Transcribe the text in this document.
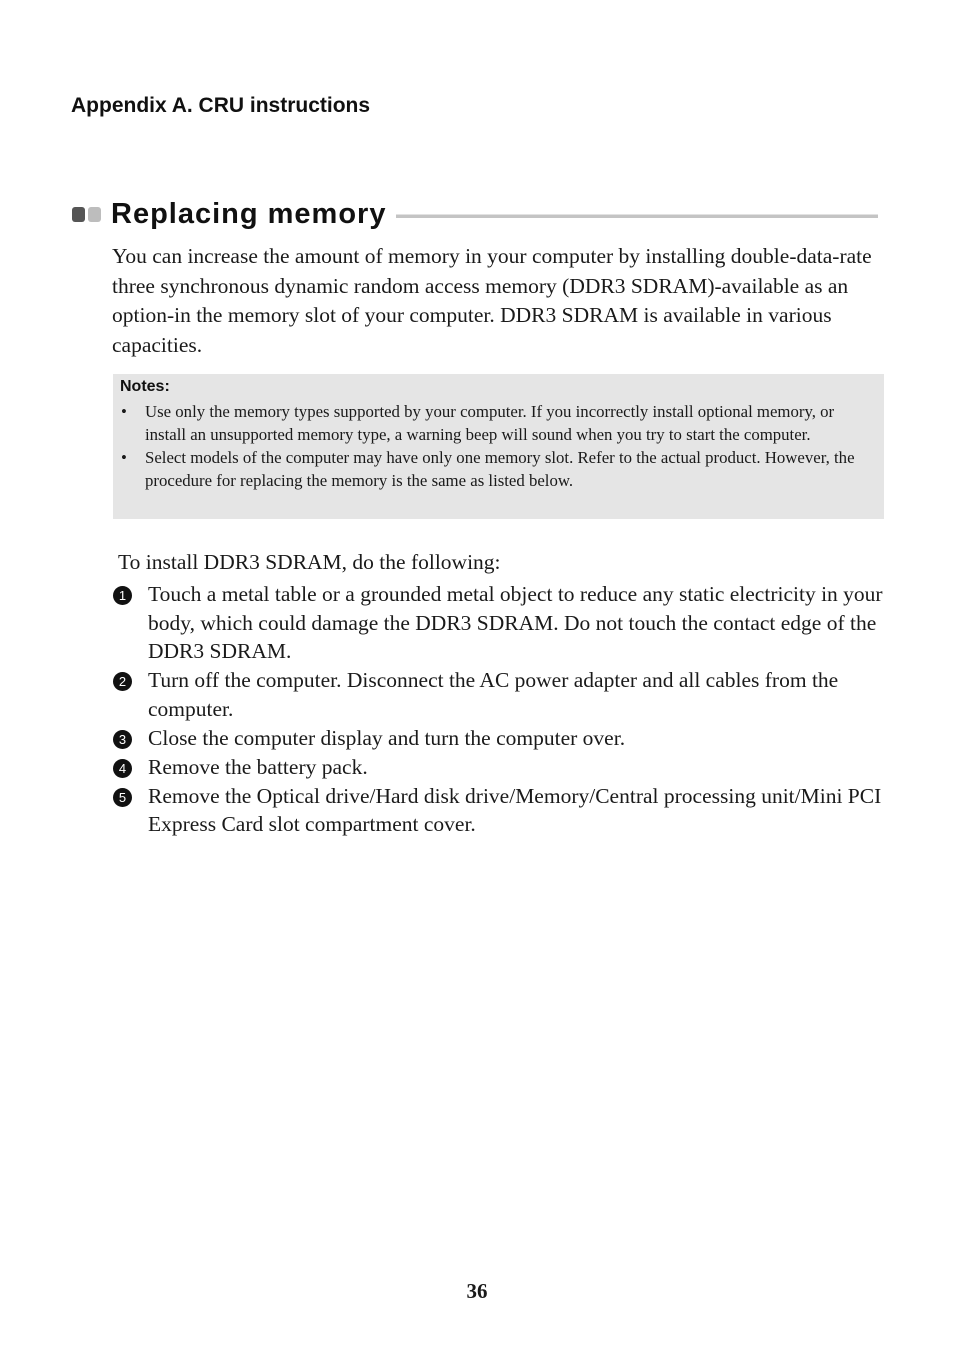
Appendix A. CRU instructions
Replacing memory

You can increase the amount of memory in your computer by installing double-data-rate three synchronous dynamic random access memory (DDR3 SDRAM)-available as an option-in the memory slot of your computer. DDR3 SDRAM is available in various capacities.

Notes:
• Use only the memory types supported by your computer. If you incorrectly install optional memory, or install an unsupported memory type, a warning beep will sound when you try to start the computer.
• Select models of the computer may have only one memory slot. Refer to the actual product. However, the procedure for replacing the memory is the same as listed below.

To install DDR3 SDRAM, do the following:

1 Touch a metal table or a grounded metal object to reduce any static electricity in your body, which could damage the DDR3 SDRAM. Do not touch the contact edge of the DDR3 SDRAM.
2 Turn off the computer. Disconnect the AC power adapter and all cables from the computer.
3 Close the computer display and turn the computer over.
4 Remove the battery pack.
5 Remove the Optical drive/Hard disk drive/Memory/Central processing unit/Mini PCI Express Card slot compartment cover.
36
